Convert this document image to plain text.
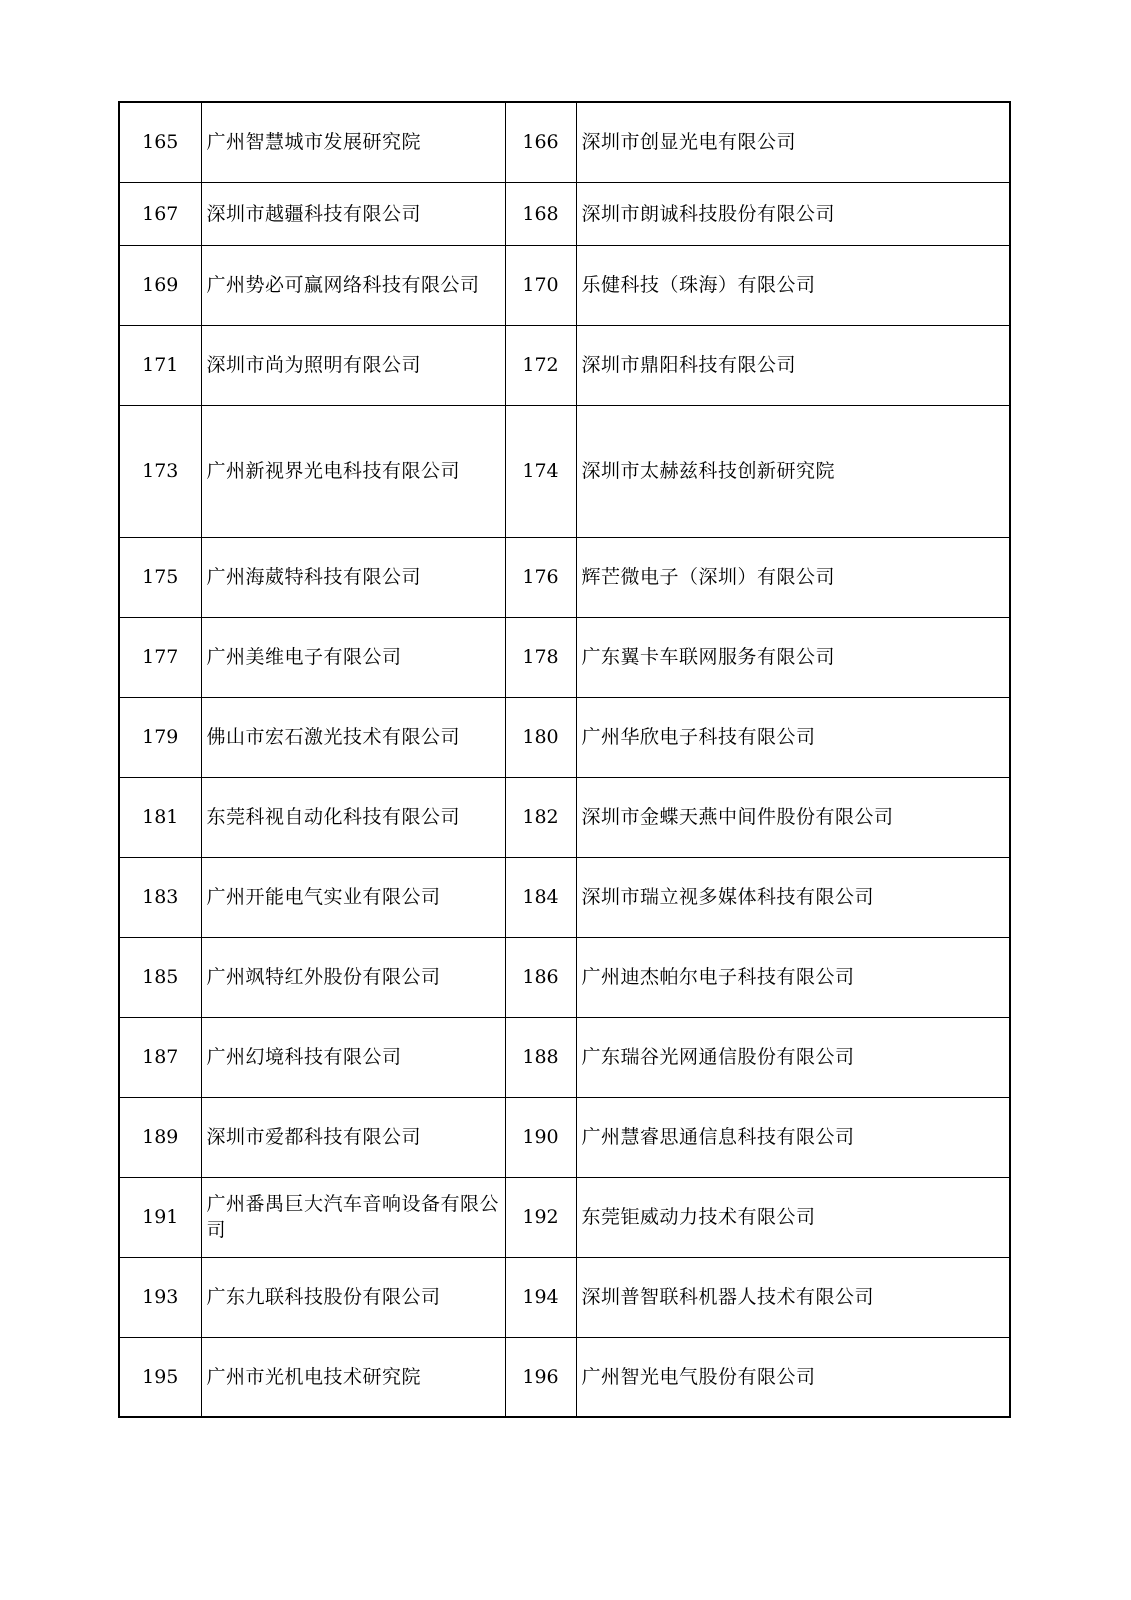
165	广州智慧城市发展研究院	166	深圳市创显光电有限公司
167	深圳市越疆科技有限公司	168	深圳市朗诚科技股份有限公司
169	广州势必可赢网络科技有限公司	170	乐健科技（珠海）有限公司
171	深圳市尚为照明有限公司	172	深圳市鼎阳科技有限公司
173	广州新视界光电科技有限公司	174	深圳市太赫兹科技创新研究院
175	广州海葳特科技有限公司	176	辉芒微电子（深圳）有限公司
177	广州美维电子有限公司	178	广东翼卡车联网服务有限公司
179	佛山市宏石激光技术有限公司	180	广州华欣电子科技有限公司
181	东莞科视自动化科技有限公司	182	深圳市金蝶天燕中间件股份有限公司
183	广州开能电气实业有限公司	184	深圳市瑞立视多媒体科技有限公司
185	广州飒特红外股份有限公司	186	广州迪杰帕尔电子科技有限公司
187	广州幻境科技有限公司	188	广东瑞谷光网通信股份有限公司
189	深圳市爱都科技有限公司	190	广州慧睿思通信息科技有限公司
191	广州番禺巨大汽车音响设备有限公司	192	东莞钜威动力技术有限公司
193	广东九联科技股份有限公司	194	深圳普智联科机器人技术有限公司
195	广州市光机电技术研究院	196	广州智光电气股份有限公司
